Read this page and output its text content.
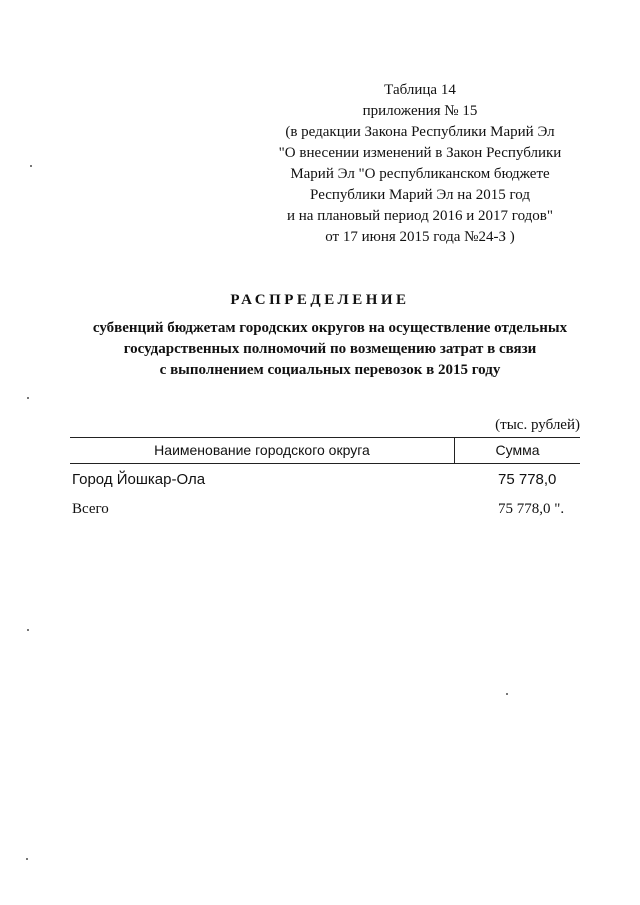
Таблица 14
приложения № 15
(в редакции Закона Республики Марий Эл
"О внесении изменений в Закон Республики
Марий Эл "О республиканском бюджете
Республики Марий Эл на 2015 год
и на плановый период 2016 и 2017 годов"
от 17 июня 2015 года №24-З )
РАСПРЕДЕЛЕНИЕ
субвенций бюджетам городских округов на осуществление отдельных
государственных полномочий по возмещению затрат в связи
с выполнением социальных перевозок в 2015 году
(тыс. рублей)
Наименование городского округа	Сумма
Город Йошкар-Ола	75 778,0
Всего	75 778,0 ".
